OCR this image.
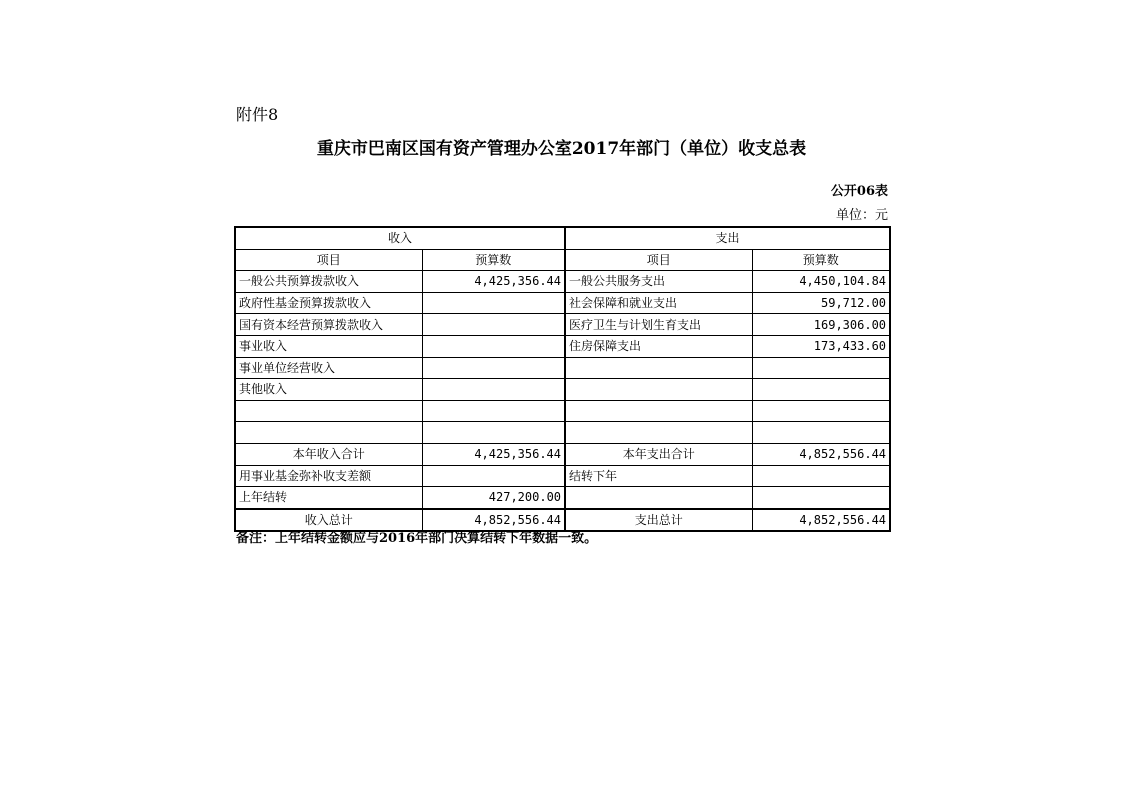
附件8
重庆市巴南区国有资产管理办公室2017年部门（单位）收支总表
公开06表
单位：元
收入		支出	
项目	预算数	项目	预算数
一般公共预算拨款收入	4,425,356.44	一般公共服务支出	4,450,104.84
政府性基金预算拨款收入		社会保障和就业支出	59,712.00
国有资本经营预算拨款收入		医疗卫生与计划生育支出	169,306.00
事业收入		住房保障支出	173,433.60
事业单位经营收入			
其他收入			

本年收入合计	4,425,356.44	本年支出合计	4,852,556.44
用事业基金弥补收支差额		结转下年	
上年结转	427,200.00		
收入总计	4,852,556.44	支出总计	4,852,556.44
备注：上年结转金额应与2016年部门决算结转下年数据一致。
